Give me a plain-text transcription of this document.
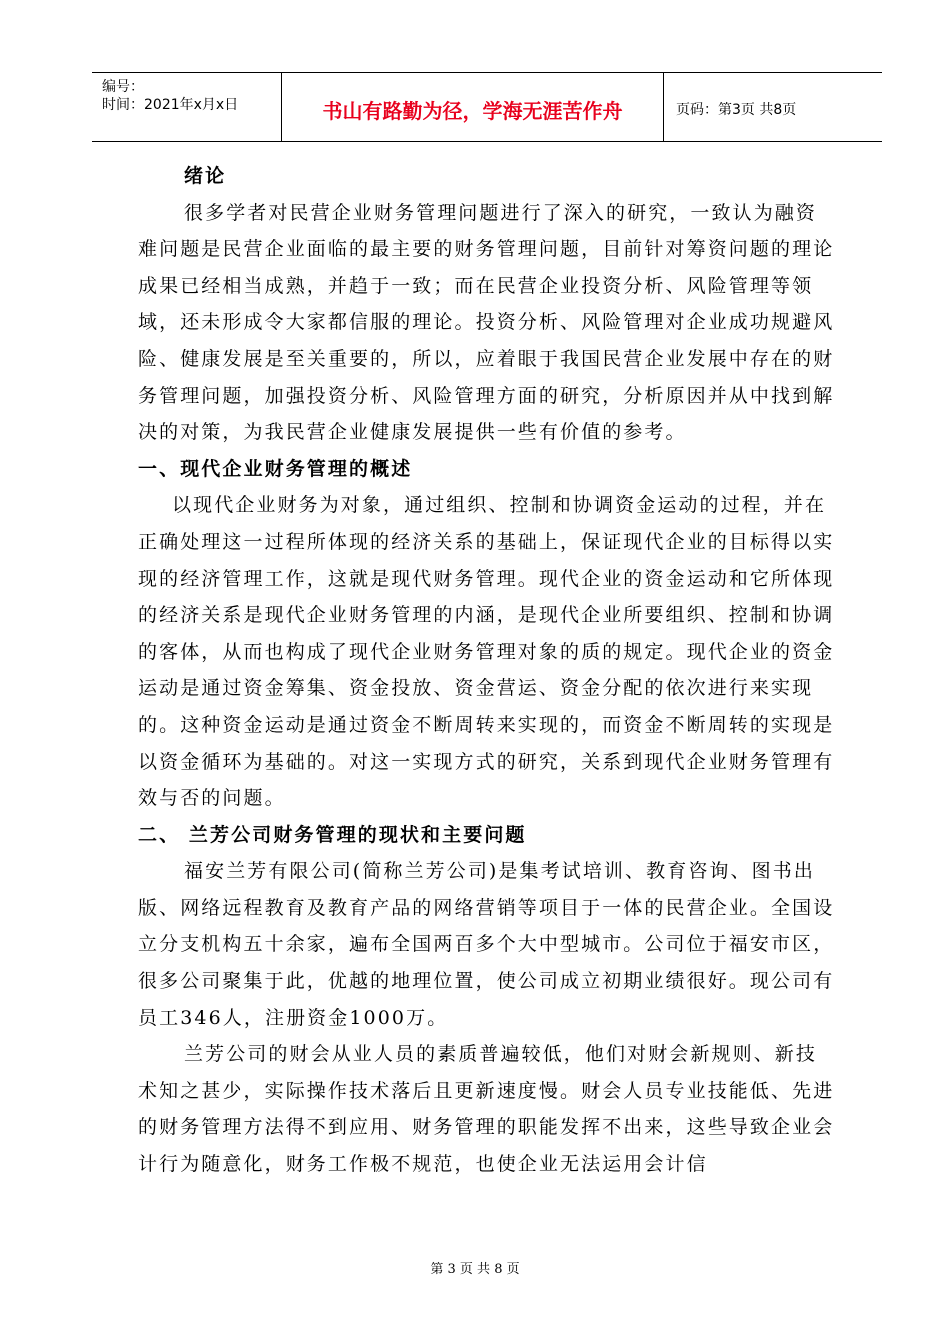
编号：
时间：2021年x月x日	书山有路勤为径，学海无涯苦作舟	页码：第3页 共8页
绪论

很多学者对民营企业财务管理问题进行了深入的研究，一致认为融资难问题是民营企业面临的最主要的财务管理问题，目前针对筹资问题的理论成果已经相当成熟，并趋于一致；而在民营企业投资分析、风险管理等领域，还未形成令大家都信服的理论。投资分析、风险管理对企业成功规避风险、健康发展是至关重要的，所以，应着眼于我国民营企业发展中存在的财务管理问题，加强投资分析、风险管理方面的研究，分析原因并从中找到解决的对策，为我民营企业健康发展提供一些有价值的参考。

一、现代企业财务管理的概述

以现代企业财务为对象，通过组织、控制和协调资金运动的过程，并在正确处理这一过程所体现的经济关系的基础上，保证现代企业的目标得以实现的经济管理工作，这就是现代财务管理。现代企业的资金运动和它所体现的经济关系是现代企业财务管理的内涵，是现代企业所要组织、控制和协调的客体，从而也构成了现代企业财务管理对象的质的规定。现代企业的资金运动是通过资金筹集、资金投放、资金营运、资金分配的依次进行来实现的。这种资金运动是通过资金不断周转来实现的，而资金不断周转的实现是以资金循环为基础的。对这一实现方式的研究，关系到现代企业财务管理有效与否的问题。

二、 兰芳公司财务管理的现状和主要问题

福安兰芳有限公司(简称兰芳公司)是集考试培训、教育咨询、图书出版、网络远程教育及教育产品的网络营销等项目于一体的民营企业。全国设立分支机构五十余家，遍布全国两百多个大中型城市。公司位于福安市区，很多公司聚集于此，优越的地理位置，使公司成立初期业绩很好。现公司有员工346人，注册资金1000万。

兰芳公司的财会从业人员的素质普遍较低，他们对财会新规则、新技术知之甚少，实际操作技术落后且更新速度慢。财会人员专业技能低、先进的财务管理方法得不到应用、财务管理的职能发挥不出来，这些导致企业会计行为随意化，财务工作极不规范，也使企业无法运用会计信

第 3 页 共 8 页
